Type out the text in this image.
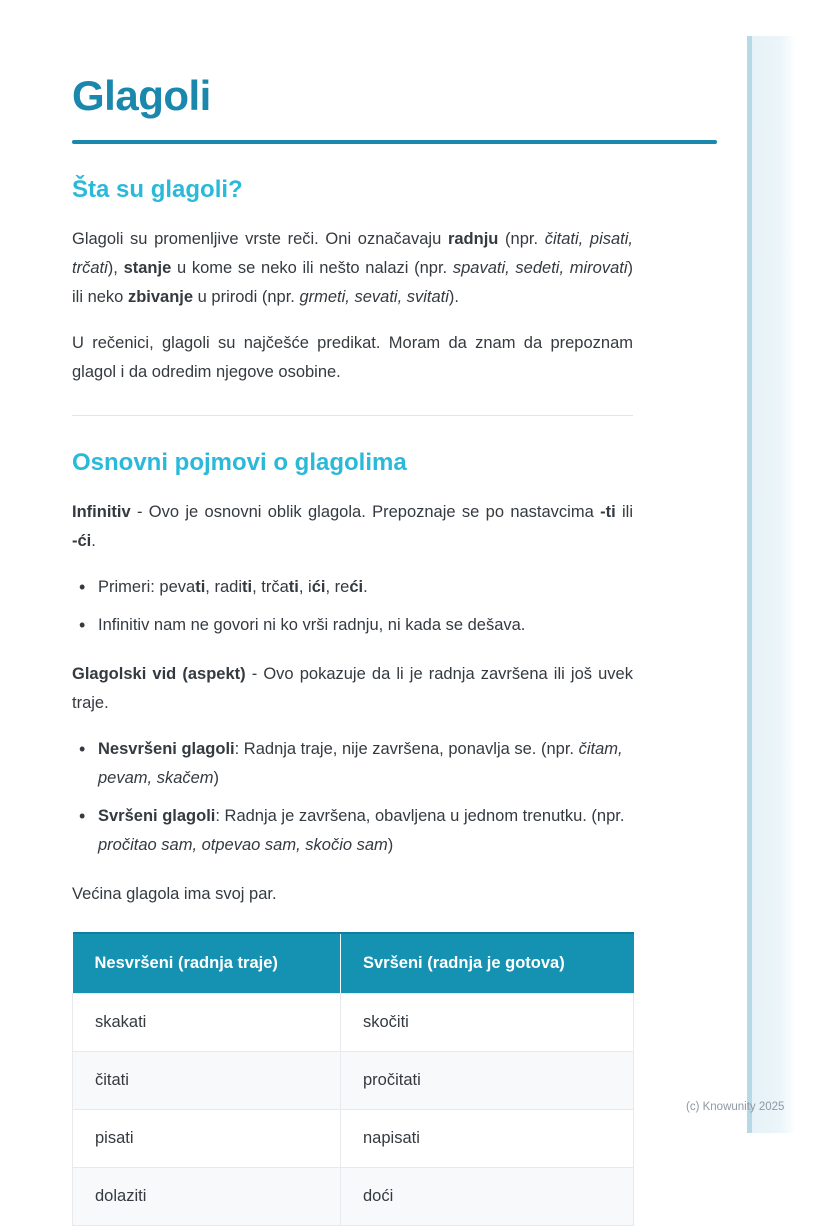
Glagoli
Šta su glagoli?

Glagoli su promenljive vrste reči. Oni označavaju radnju (npr. čitati, pisati, trčati), stanje u kome se neko ili nešto nalazi (npr. spavati, sedeti, mirovati) ili neko zbivanje u prirodi (npr. grmeti, sevati, svitati).

U rečenici, glagoli su najčešće predikat. Moram da znam da prepoznam glagol i da odredim njegove osobine.

Osnovni pojmovi o glagolima

Infinitiv - Ovo je osnovni oblik glagola. Prepoznaje se po nastavcima -ti ili -ći.

• Primeri: pevati, raditi, trčati, ići, reći.
• Infinitiv nam ne govori ni ko vrši radnju, ni kada se dešava.

Glagolski vid (aspekt) - Ovo pokazuje da li je radnja završena ili još uvek traje.

• Nesvršeni glagoli: Radnja traje, nije završena, ponavlja se. (npr. čitam, pevam, skačem)
• Svršeni glagoli: Radnja je završena, obavljena u jednom trenutku. (npr. pročitao sam, otpevao sam, skočio sam)

Većina glagola ima svoj par.

Nesvršeni (radnja traje)	Svršeni (radnja je gotova)
skakati	skočiti
čitati	pročitati
pisati	napisati
dolaziti	doći
(c) Knowunity 2025
